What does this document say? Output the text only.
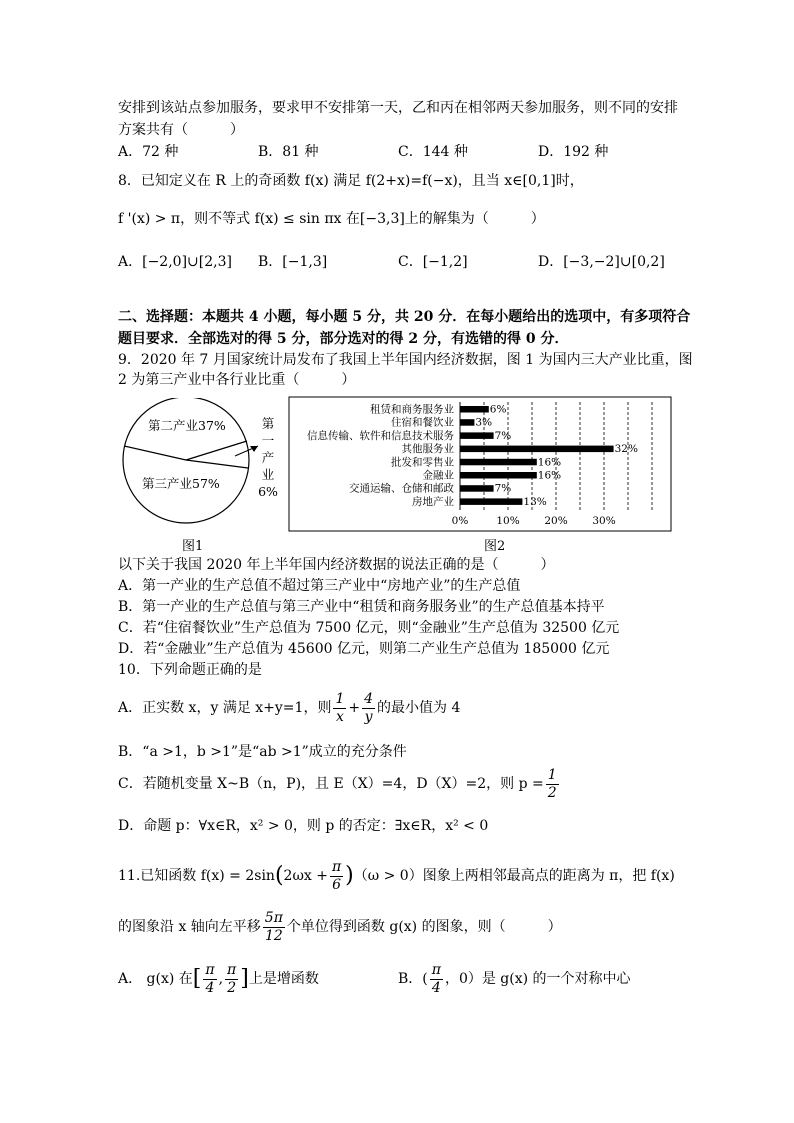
安排到该站点参加服务，要求甲不安排第一天，乙和丙在相邻两天参加服务，则不同的安排
方案共有（　　　）
A．72 种	B．81 种	C．144 种	D．192 种
8．已知定义在 R 上的奇函数 f(x) 满足 f(2+x)=f(−x)，且当 x∈[0,1]时，
f '(x) > π，则不等式 f(x) ≤ sin πx 在[−3,3]上的解集为（　　　）
A．[−2,0]∪[2,3] B．[−1,3]	C．[−1,2]	D．[−3,−2]∪[0,2]
二、选择题：本题共 4 小题，每小题 5 分，共 20 分．在每小题给出的选项中，有多项符合
题目要求．全部选对的得 5 分，部分选对的得 2 分，有选错的得 0 分．
9．2020 年 7 月国家统计局发布了我国上半年国内经济数据，图 1 为国内三大产业比重，图
2 为第三产业中各行业比重（　　　）
第二产业37%
第三产业57%
第
一
产
业
6%
图1
租赁和商务服务业	6%
住宿和餐饮业 3%
信息传输、软件和信息技术服务	7%
其他服务业	32%
批发和零售业	16%
金融业	16%
交通运输、仓储和邮政	7%
房地产业	13%
0%	10% 20% 30%
图2
以下关于我国 2020 年上半年国内经济数据的说法正确的是（　　　）
A．第一产业的生产总值不超过第三产业中“房地产业”的生产总值
B．第一产业的生产总值与第三产业中“租赁和商务服务业”的生产总值基本持平
C．若“住宿餐饮业”生产总值为 7500 亿元，则“金融业”生产总值为 32500 亿元
D．若“金融业”生产总值为 45600 亿元，则第二产业生产总值为 185000 亿元
10．下列命题正确的是
A．正实数 x，y 满足 x+y=1，则 $\frac{1}{x} + \frac{4}{y}$ 的最小值为 4
B．“a >1，b >1”是“ab >1”成立的充分条件
C．若随机变量 X~B（n，P)，且 E（X）=4，D（X）=2，则 $p = \frac{1}{2}$
D．命题 p：∀x∈R，x² > 0，则 p 的否定：∃x∈R，x² < 0
11.已知函数 $f(x) = 2\sin(2\omega x + \frac{\pi}{6} )(\omega > 0)$图象上两相邻最高点的距离为 π，把 f(x)
的图象沿 x 轴向左平移 $\frac{5\pi}{12}$ 个单位得到函数 g(x) 的图象，则（　　　）
A． g(x) 在[ $\frac{\pi}{4}$ , $\frac{\pi}{2}$ ]上是增函数	B．( $\frac{\pi}{4}$ ，0）是 g(x) 的一个对称中心
